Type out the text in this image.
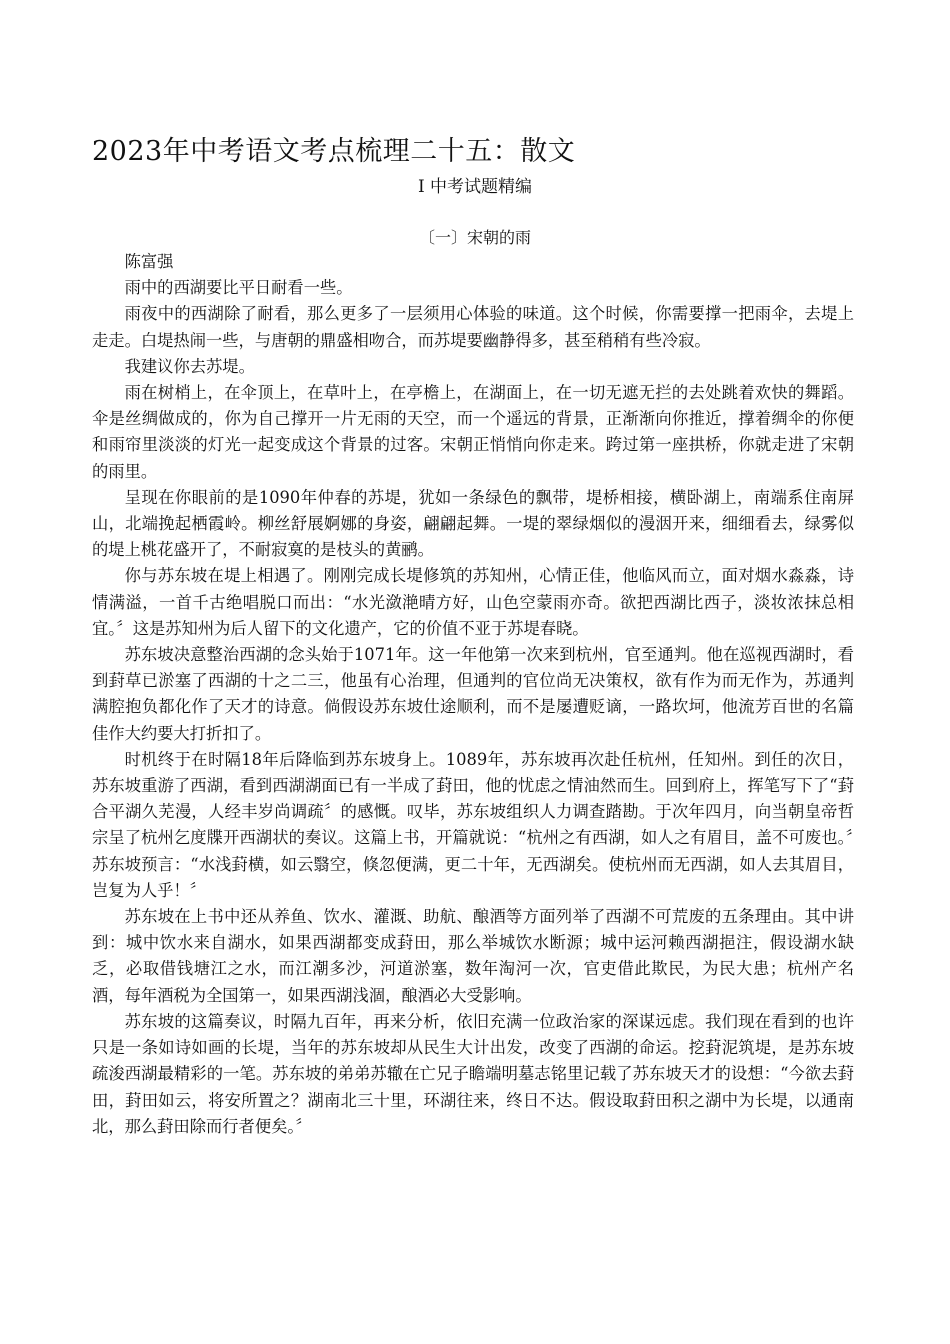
2023年中考语文考点梳理二十五：散文
Ⅰ 中考试题精编
〔一〕宋朝的雨

陈富强

雨中的西湖要比平日耐看一些。

雨夜中的西湖除了耐看，那么更多了一层须用心体验的味道。这个时候，你需要撑一把雨伞，去堤上走走。白堤热闹一些，与唐朝的鼎盛相吻合，而苏堤要幽静得多，甚至稍稍有些冷寂。

我建议你去苏堤。

雨在树梢上，在伞顶上，在草叶上，在亭檐上，在湖面上，在一切无遮无拦的去处跳着欢快的舞蹈。伞是丝绸做成的，你为自己撑开一片无雨的天空，而一个遥远的背景，正渐渐向你推近，撑着绸伞的你便和雨帘里淡淡的灯光一起变成这个背景的过客。宋朝正悄悄向你走来。跨过第一座拱桥，你就走进了宋朝的雨里。

呈现在你眼前的是1090年仲春的苏堤，犹如一条绿色的飘带，堤桥相接，横卧湖上，南端系住南屏山，北端挽起栖霞岭。柳丝舒展婀娜的身姿，翩翩起舞。一堤的翠绿烟似的漫洇开来，细细看去，绿雾似的堤上桃花盛开了，不耐寂寞的是枝头的黄鹂。

你与苏东坡在堤上相遇了。刚刚完成长堤修筑的苏知州，心情正佳，他临风而立，面对烟水淼淼，诗情满溢，一首千古绝唱脱口而出：“水光潋滟晴方好，山色空蒙雨亦奇。欲把西湖比西子，淡妆浓抹总相宜。〞这是苏知州为后人留下的文化遗产，它的价值不亚于苏堤春晓。

苏东坡决意整治西湖的念头始于1071年。这一年他第一次来到杭州，官至通判。他在巡视西湖时，看到葑草已淤塞了西湖的十之二三，他虽有心治理，但通判的官位尚无决策权，欲有作为而无作为，苏通判满腔抱负都化作了天才的诗意。倘假设苏东坡仕途顺利，而不是屡遭贬谪，一路坎坷，他流芳百世的名篇佳作大约要大打折扣了。

时机终于在时隔18年后降临到苏东坡身上。1089年，苏东坡再次赴任杭州，任知州。到任的次日，苏东坡重游了西湖，看到西湖湖面已有一半成了葑田，他的忧虑之情油然而生。回到府上，挥笔写下了“葑合平湖久芜漫，人经丰岁尚调疏〞的感慨。叹毕，苏东坡组织人力调查踏勘。于次年四月，向当朝皇帝哲宗呈了杭州乞度牒开西湖状的奏议。这篇上书，开篇就说：“杭州之有西湖，如人之有眉目，盖不可废也。〞苏东坡预言：“水浅葑横，如云翳空，倏忽便满，更二十年，无西湖矣。使杭州而无西湖，如人去其眉目，岂复为人乎！〞

苏东坡在上书中还从养鱼、饮水、灌溉、助航、酿酒等方面列举了西湖不可荒废的五条理由。其中讲到：城中饮水来自湖水，如果西湖都变成葑田，那么举城饮水断源；城中运河赖西湖挹注，假设湖水缺乏，必取借钱塘江之水，而江潮多沙，河道淤塞，数年淘河一次，官吏借此欺民，为民大患；杭州产名酒，每年酒税为全国第一，如果西湖浅涸，酿酒必大受影响。

苏东坡的这篇奏议，时隔九百年，再来分析，依旧充满一位政治家的深谋远虑。我们现在看到的也许只是一条如诗如画的长堤，当年的苏东坡却从民生大计出发，改变了西湖的命运。挖葑泥筑堤，是苏东坡疏浚西湖最精彩的一笔。苏东坡的弟弟苏辙在亡兄子瞻端明墓志铭里记载了苏东坡天才的设想：“今欲去葑田，葑田如云，将安所置之？湖南北三十里，环湖往来，终日不达。假设取葑田积之湖中为长堤，以通南北，那么葑田除而行者便矣。〞
